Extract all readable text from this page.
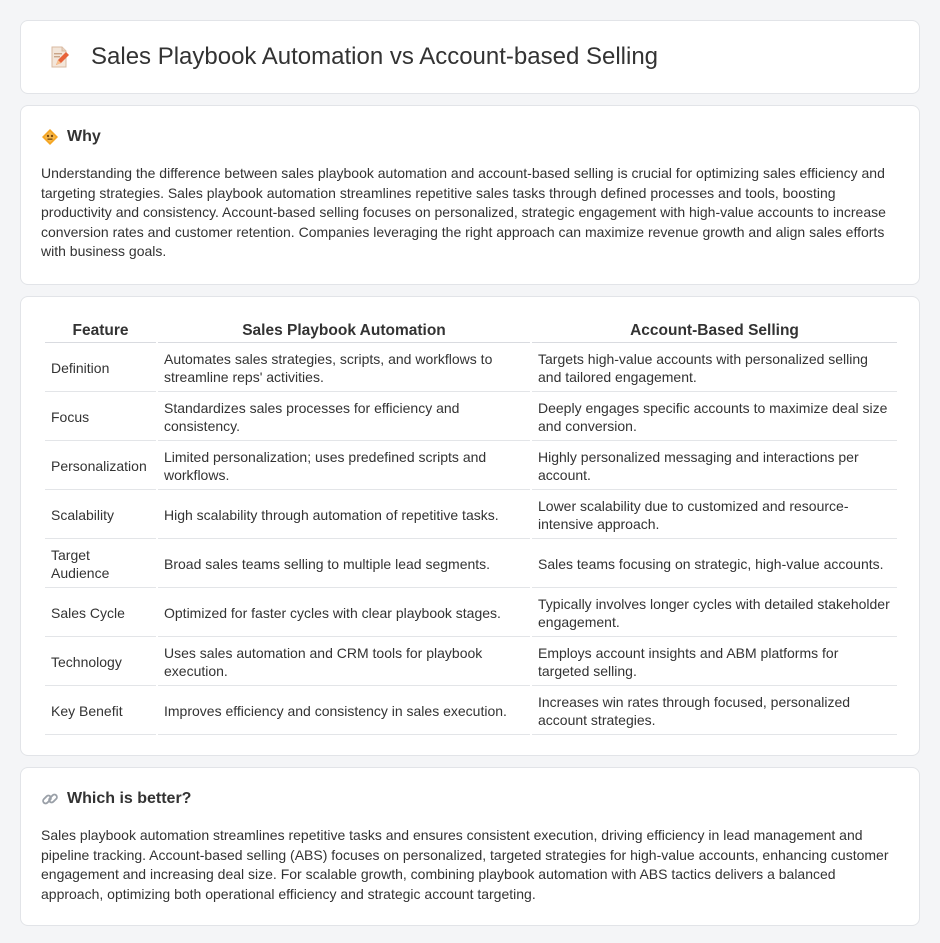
Sales Playbook Automation vs Account-based Selling
Why

Understanding the difference between sales playbook automation and account-based selling is crucial for optimizing sales efficiency and targeting strategies. Sales playbook automation streamlines repetitive sales tasks through defined processes and tools, boosting productivity and consistency. Account-based selling focuses on personalized, strategic engagement with high-value accounts to increase conversion rates and customer retention. Companies leveraging the right approach can maximize revenue growth and align sales efforts with business goals.

Feature	Sales Playbook Automation	Account-Based Selling
Definition	Automates sales strategies, scripts, and workflows to streamline reps' activities.	Targets high-value accounts with personalized selling and tailored engagement.
Focus	Standardizes sales processes for efficiency and consistency.	Deeply engages specific accounts to maximize deal size and conversion.
Personalization	Limited personalization; uses predefined scripts and workflows.	Highly personalized messaging and interactions per account.
Scalability	High scalability through automation of repetitive tasks.	Lower scalability due to customized and resource-intensive approach.
Target Audience	Broad sales teams selling to multiple lead segments.	Sales teams focusing on strategic, high-value accounts.
Sales Cycle	Optimized for faster cycles with clear playbook stages.	Typically involves longer cycles with detailed stakeholder engagement.
Technology	Uses sales automation and CRM tools for playbook execution.	Employs account insights and ABM platforms for targeted selling.
Key Benefit	Improves efficiency and consistency in sales execution.	Increases win rates through focused, personalized account strategies.
Which is better?

Sales playbook automation streamlines repetitive tasks and ensures consistent execution, driving efficiency in lead management and pipeline tracking. Account-based selling (ABS) focuses on personalized, targeted strategies for high-value accounts, enhancing customer engagement and increasing deal size. For scalable growth, combining playbook automation with ABS tactics delivers a balanced approach, optimizing both operational efficiency and strategic account targeting.
